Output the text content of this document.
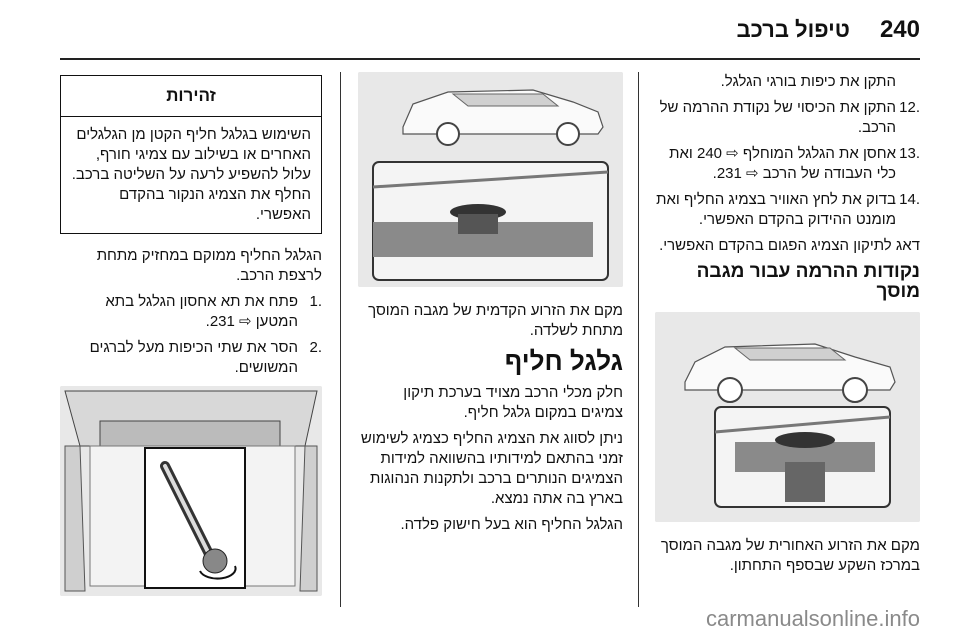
240
טיפול ברכב

התקן את כיפות בורגי הגלגל.

.12
התקן את הכיסוי של נקודת ההרמה של הרכב.
.13
אחסן את הגלגל המוחלף ⇨ 240 ואת כלי העבודה של הרכב ⇨ 231.
.14
בדוק את לחץ האוויר בצמיג החליף ואת מומנט ההידוק בהקדם האפשרי.

דאג לתיקון הצמיג הפגום בהקדם האפשרי.

נקודות ההרמה עבור מגבה מוסך

מקם את הזרוע האחורית של מגבה המוסך במרכז השקע שבספף התחתון.

מקם את הזרוע הקדמית של מגבה המוסך מתחת לשלדה.

גלגל חליף

חלק מכלי הרכב מצויד בערכת תיקון צמיגים במקום גלגל חליף.

ניתן לסווג את הצמיג החליף כצמיג לשימוש זמני בהתאם למידותיו בהשוואה למידות הצמיגים הנותרים ברכב ולתקנות הנהוגות בארץ בה אתה נמצא.

הגלגל החליף הוא בעל חישוק פלדה.

זהירות
השימוש בגלגל חליף הקטן מן הגלגלים האחרים או בשילוב עם צמיגי חורף, עלול להשפיע לרעה על השליטה ברכב. החלף את הצמיג הנקור בהקדם האפשרי.

הגלגל החליף ממוקם במחזיק מתחת לרצפת הרכב.

.1
פתח את תא אחסון הגלגל בתא המטען ⇨ 231.
.2
הסר את שתי הכיפות מעל לברגים המשושים.
carmanualsonline.info
